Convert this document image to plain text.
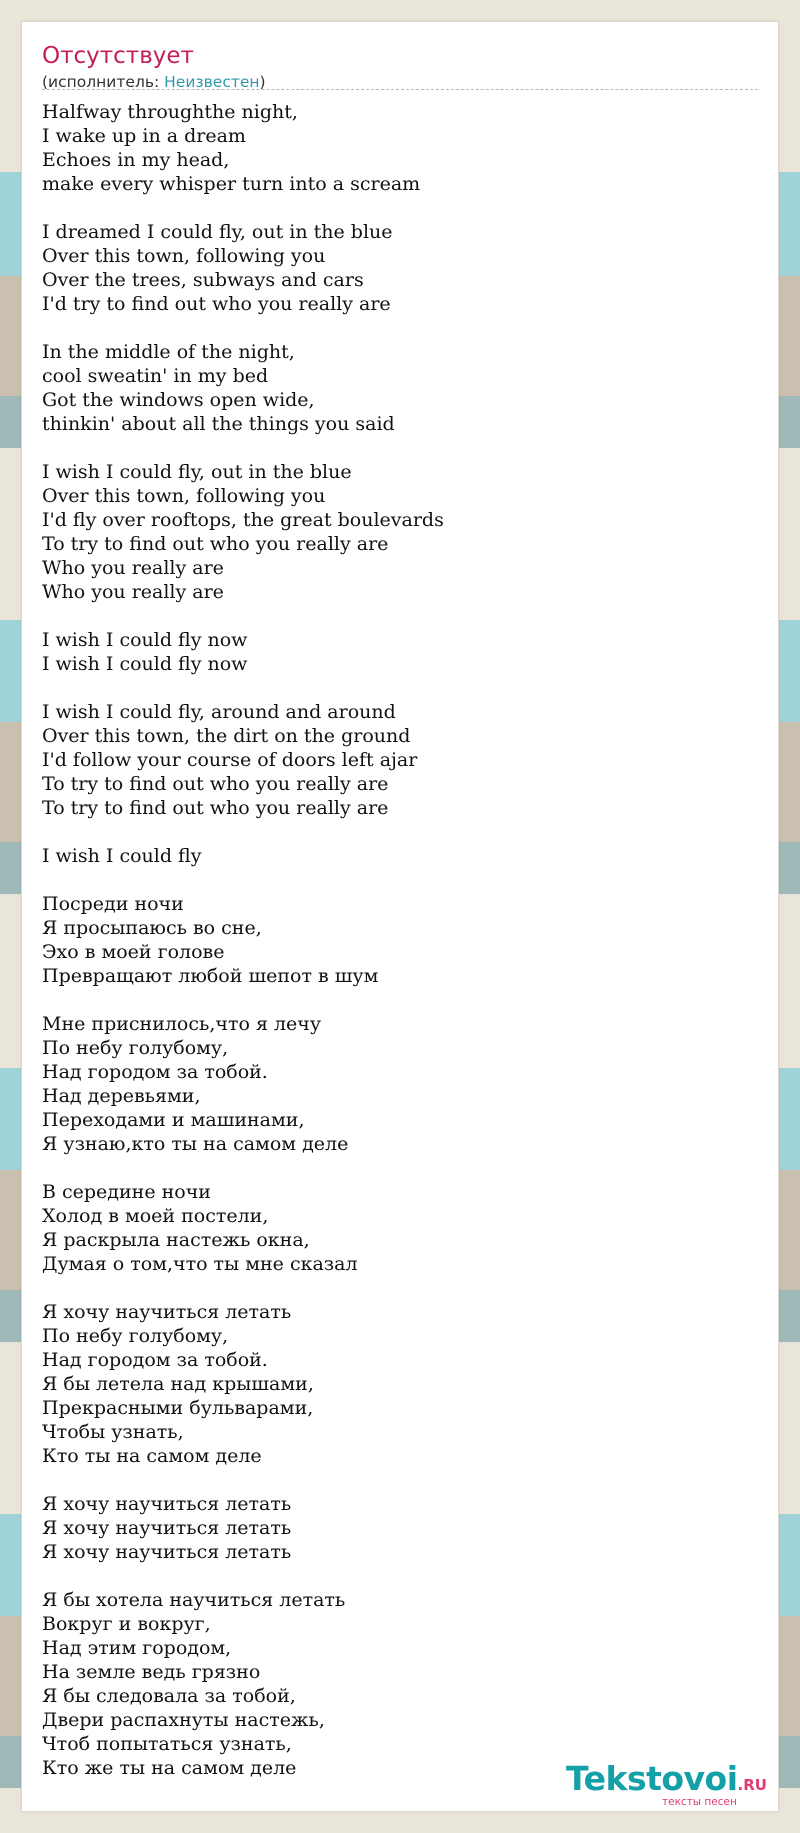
Отсутствует
(исполнитель: Неизвестен)
Halfway throughthe night,
I wake up in a dream
Echoes in my head,
make every whisper turn into a scream
I dreamed I could fly, out in the blue
Over this town, following you
Over the trees, subways and cars
I'd try to find out who you really are
In the middle of the night,
cool sweatin' in my bed
Got the windows open wide,
thinkin' about all the things you said
I wish I could fly, out in the blue
Over this town, following you
I'd fly over rooftops, the great boulevards
To try to find out who you really are
Who you really are
Who you really are
I wish I could fly now
I wish I could fly now
I wish I could fly, around and around
Over this town, the dirt on the ground
I'd follow your course of doors left ajar
To try to find out who you really are
To try to find out who you really are
I wish I could fly
Посреди ночи
Я просыпаюсь во сне,
Эхо в моей голове
Превращают любой шепот в шум
Мне приснилось,что я лечу
По небу голубому,
Над городом за тобой.
Над деревьями,
Переходами и машинами,
Я узнаю,кто ты на самом деле
В середине ночи
Холод в моей постели,
Я раскрыла настежь окна,
Думая о том,что ты мне сказал
Я хочу научиться летать
По небу голубому,
Над городом за тобой.
Я бы летела над крышами,
Прекрасными бульварами,
Чтобы узнать,
Кто ты на самом деле
Я хочу научиться летать
Я хочу научиться летать
Я хочу научиться летать
Я бы хотела научиться летать
Вокруг и вокруг,
Над этим городом,
На земле ведь грязно
Я бы следовала за тобой,
Двери распахнуты настежь,
Чтоб попытаться узнать,
Кто же ты на самом деле	Tekstovoi.RU
тексты песен
